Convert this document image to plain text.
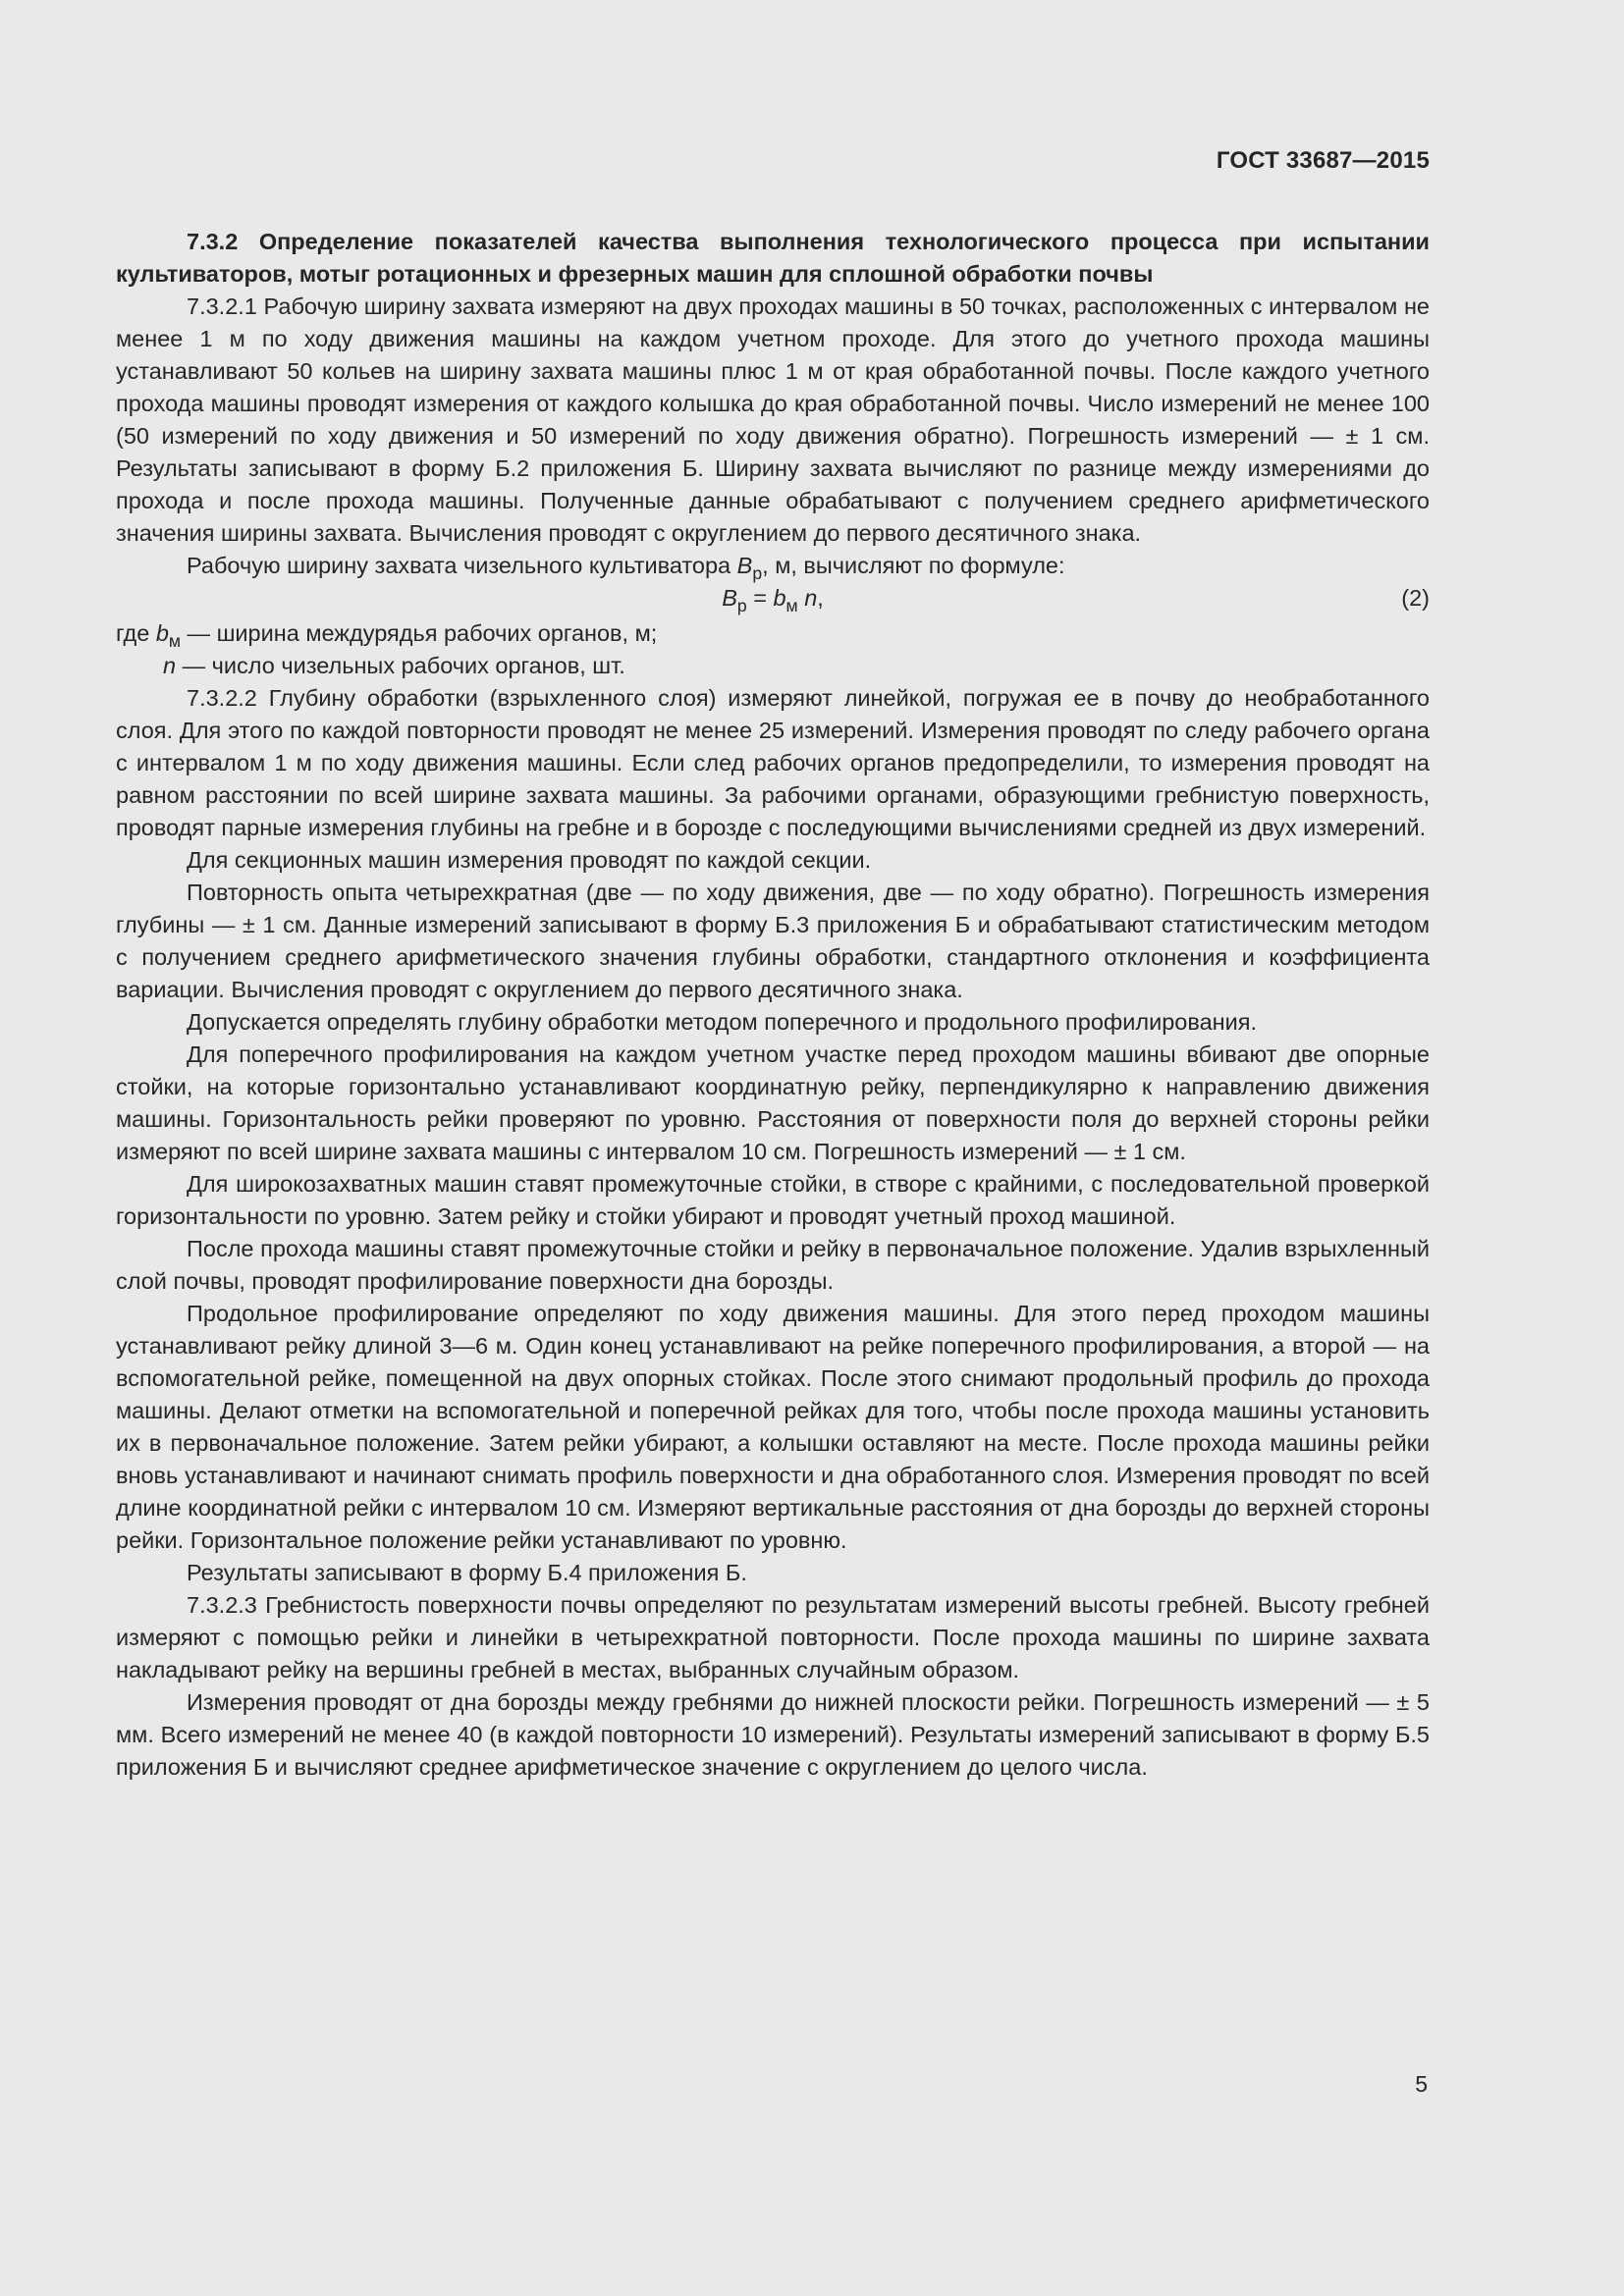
ГОСТ 33687—2015

7.3.2 Определение показателей качества выполнения технологического процесса при испытании культиваторов, мотыг ротационных и фрезерных машин для сплошной обработки почвы

7.3.2.1 Рабочую ширину захвата измеряют на двух проходах машины в 50 точках, расположенных с интервалом не менее 1 м по ходу движения машины на каждом учетном проходе. Для этого до учетного прохода машины устанавливают 50 кольев на ширину захвата машины плюс 1 м от края обработанной почвы. После каждого учетного прохода машины проводят измерения от каждого колышка до края обработанной почвы. Число измерений не менее 100 (50 измерений по ходу движения и 50 измерений по ходу движения обратно). Погрешность измерений — ± 1 см. Результаты записывают в форму Б.2 приложения Б. Ширину захвата вычисляют по разнице между измерениями до прохода и после прохода машины. Полученные данные обрабатывают с получением среднего арифметического значения ширины захвата. Вычисления проводят с округлением до первого десятичного знака.

Рабочую ширину захвата чизельного культиватора $B_р$, м, вычисляют по формуле:

$B_р = b_м$ n,	(2)

где $b_м$ — ширина междурядья рабочих органов, м;

n — число чизельных рабочих органов, шт.

7.3.2.2 Глубину обработки (взрыхленного слоя) измеряют линейкой, погружая ее в почву до необработанного слоя. Для этого по каждой повторности проводят не менее 25 измерений. Измерения проводят по следу рабочего органа с интервалом 1 м по ходу движения машины. Если след рабочих органов предопределили, то измерения проводят на равном расстоянии по всей ширине захвата машины. За рабочими органами, образующими гребнистую поверхность, проводят парные измерения глубины на гребне и в борозде с последующими вычислениями средней из двух измерений.

Для секционных машин измерения проводят по каждой секции.

Повторность опыта четырехкратная (две — по ходу движения, две — по ходу обратно). Погрешность измерения глубины — ± 1 см. Данные измерений записывают в форму Б.3 приложения Б и обрабатывают статистическим методом с получением среднего арифметического значения глубины обработки, стандартного отклонения и коэффициента вариации. Вычисления проводят с округлением до первого десятичного знака.

Допускается определять глубину обработки методом поперечного и продольного профилирования.

Для поперечного профилирования на каждом учетном участке перед проходом машины вбивают две опорные стойки, на которые горизонтально устанавливают координатную рейку, перпендикулярно к направлению движения машины. Горизонтальность рейки проверяют по уровню. Расстояния от поверхности поля до верхней стороны рейки измеряют по всей ширине захвата машины с интервалом 10 см. Погрешность измерений — ± 1 см.

Для широкозахватных машин ставят промежуточные стойки, в створе с крайними, с последовательной проверкой горизонтальности по уровню. Затем рейку и стойки убирают и проводят учетный проход машиной.

После прохода машины ставят промежуточные стойки и рейку в первоначальное положение. Удалив взрыхленный слой почвы, проводят профилирование поверхности дна борозды.

Продольное профилирование определяют по ходу движения машины. Для этого перед проходом машины устанавливают рейку длиной 3—6 м. Один конец устанавливают на рейке поперечного профилирования, а второй — на вспомогательной рейке, помещенной на двух опорных стойках. После этого снимают продольный профиль до прохода машины. Делают отметки на вспомогательной и поперечной рейках для того, чтобы после прохода машины установить их в первоначальное положение. Затем рейки убирают, а колышки оставляют на месте. После прохода машины рейки вновь устанавливают и начинают снимать профиль поверхности и дна обработанного слоя. Измерения проводят по всей длине координатной рейки с интервалом 10 см. Измеряют вертикальные расстояния от дна борозды до верхней стороны рейки. Горизонтальное положение рейки устанавливают по уровню.

Результаты записывают в форму Б.4 приложения Б.

7.3.2.3 Гребнистость поверхности почвы определяют по результатам измерений высоты гребней. Высоту гребней измеряют с помощью рейки и линейки в четырехкратной повторности. После прохода машины по ширине захвата накладывают рейку на вершины гребней в местах, выбранных случайным образом.

Измерения проводят от дна борозды между гребнями до нижней плоскости рейки. Погрешность измерений — ± 5 мм. Всего измерений не менее 40 (в каждой повторности 10 измерений). Результаты измерений записывают в форму Б.5 приложения Б и вычисляют среднее арифметическое значение с округлением до целого числа.

5
